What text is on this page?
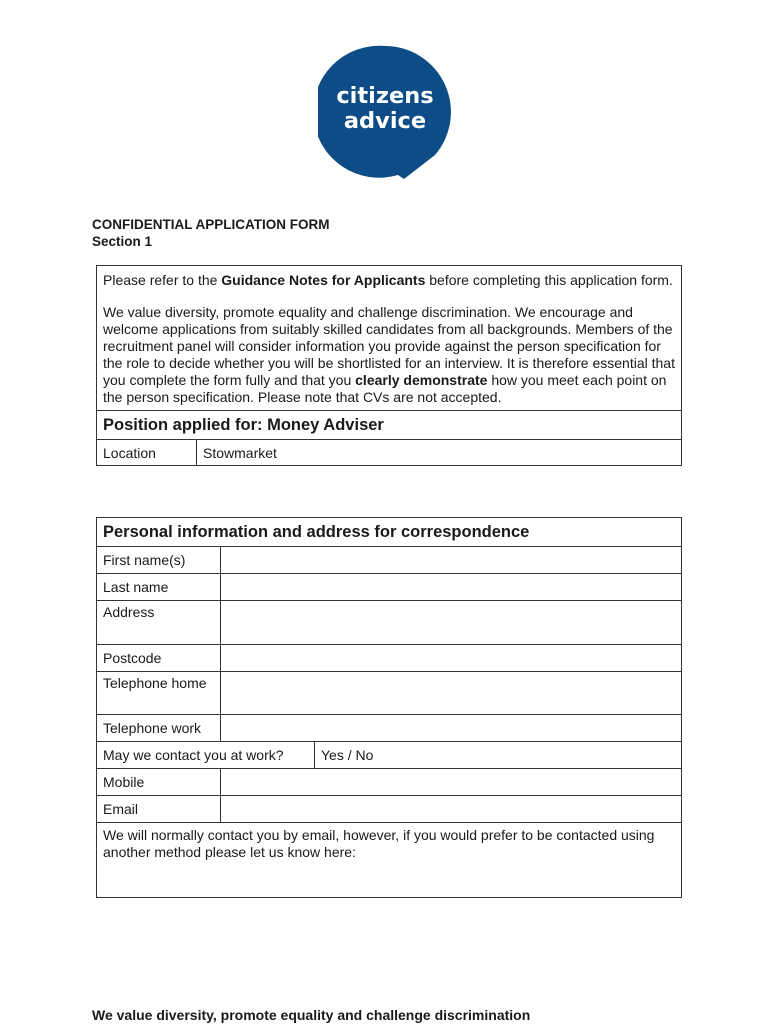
citizens
advice
CONFIDENTIAL APPLICATION FORM
Section 1

Please refer to the Guidance Notes for Applicants before completing this application form.

We value diversity, promote equality and challenge discrimination. We encourage and welcome applications from suitably skilled candidates from all backgrounds. Members of the recruitment panel will consider information you provide against the person specification for the role to decide whether you will be shortlisted for an interview. It is therefore essential that you complete the form fully and that you clearly demonstrate how you meet each point on the person specification. Please note that CVs are not accepted.

Position applied for: Money Adviser
Location	Stowmarket
Personal information and address for correspondence		
First name(s)		
Last name		
Address		
Postcode		
Telephone home		
Telephone work		
May we contact you at work?		Yes / No
Mobile		
Email		
We will normally contact you by email, however, if you would prefer to be contacted using another method please let us know here:		
We value diversity, promote equality and challenge discrimination
